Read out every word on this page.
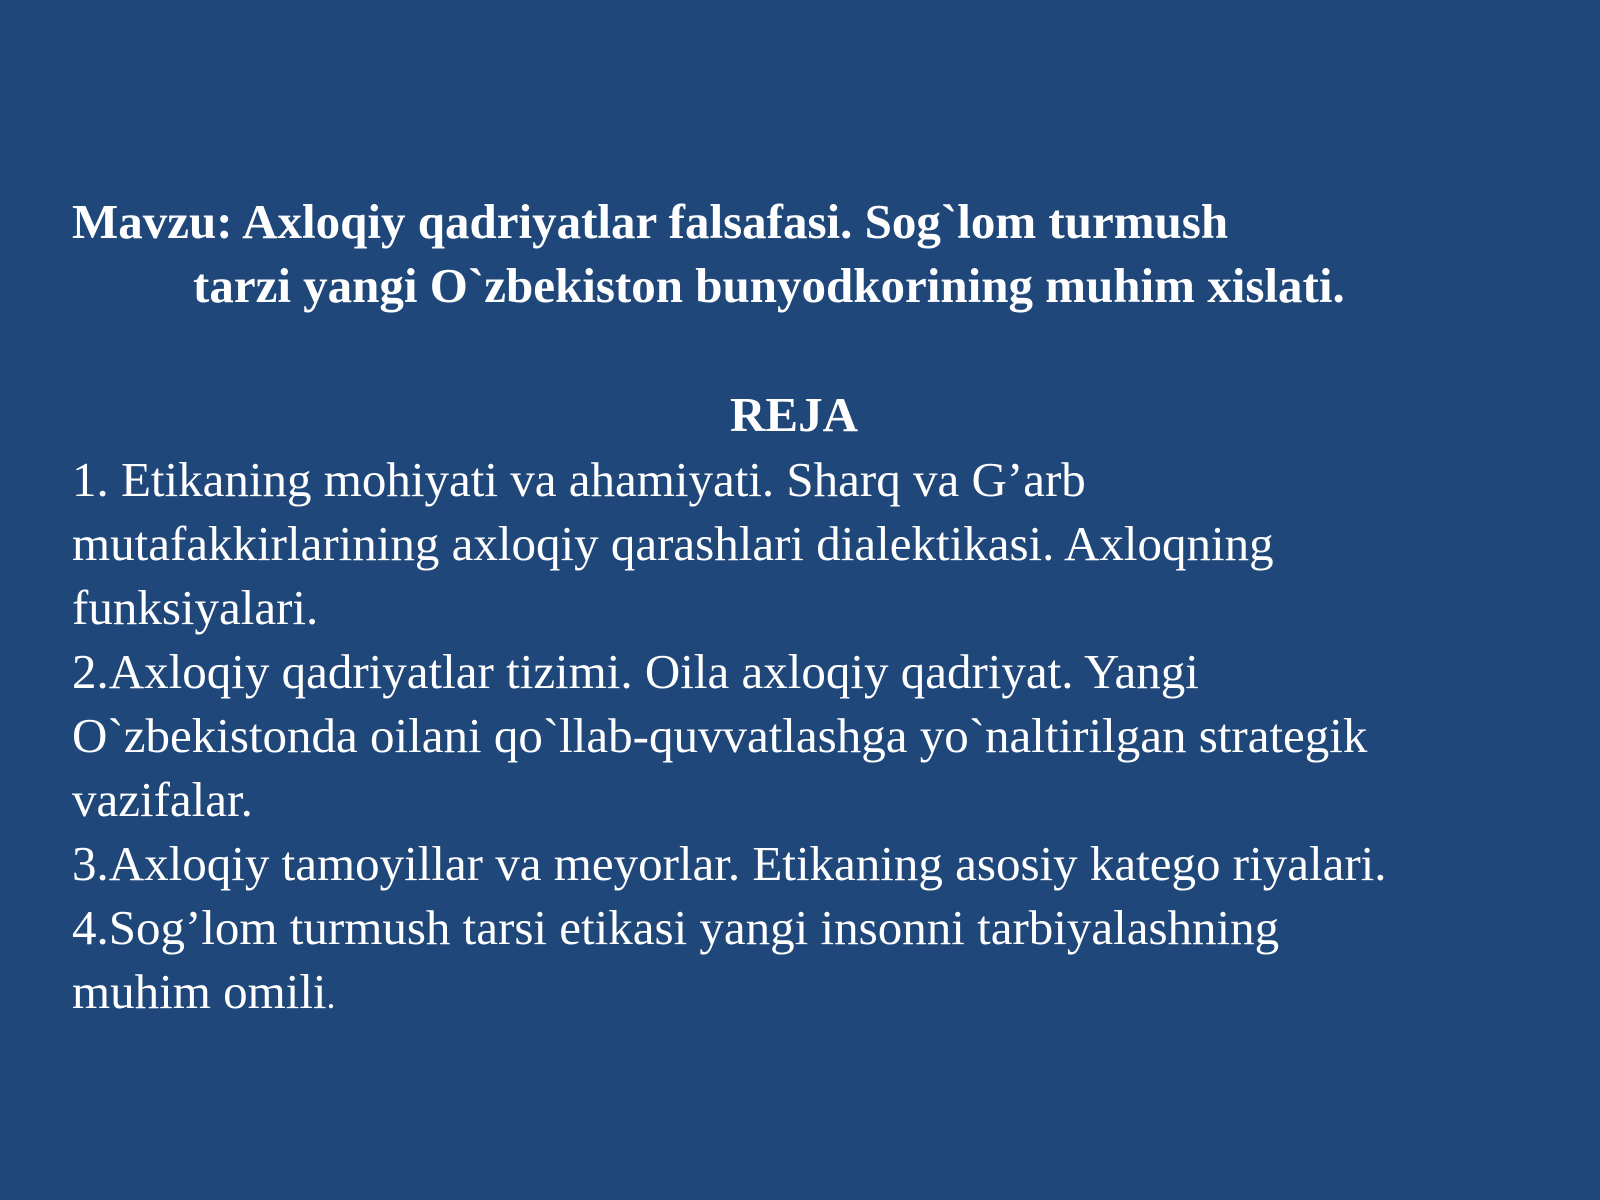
Mavzu: Axloqiy qadriyatlar falsafasi. Sog`lom turmush
tarzi yangi O`zbekiston bunyodkorining muhim xislati.
REJA
1. Etikaning mohiyati va ahamiyati. Sharq va G’arb
mutafakkirlarining axloqiy qarashlari dialektikasi. Axloqning
funksiyalari.
2.Axloqiy qadriyatlar tizimi. Oila axloqiy qadriyat. Yangi
O`zbekistonda oilani qo`llab-quvvatlashga yo`naltirilgan strategik
vazifalar.
3.Axloqiy tamoyillar va meyorlar. Etikaning asosiy katego riyalari.
4.Sog’lom turmush tarsi etikasi yangi insonni tarbiyalashning
muhim omili.
